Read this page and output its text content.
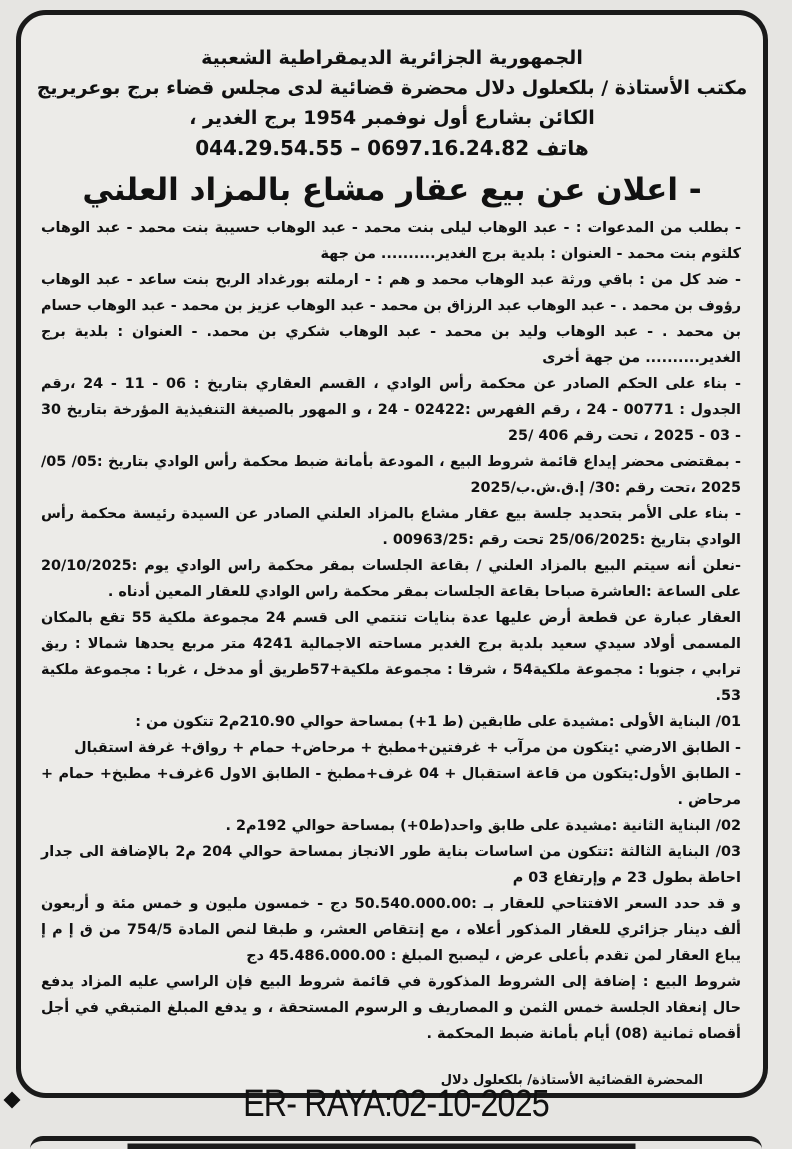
الجمهورية الجزائرية الديمقراطية الشعبية
مكتب الأستاذة / بلكعلول دلال محضرة قضائية لدى مجلس قضاء برج بوعريريج
الكائن بشارع أول نوفمبر 1954 برج الغدير ،
هاتف 0697.16.24.82 – 044.29.54.55
- اعلان عن بيع عقار مشاع بالمزاد العلني

- بطلب من المدعوات : - عبد الوهاب ليلى بنت محمد - عبد الوهاب حسيبة بنت محمد - عبد الوهاب كلثوم بنت محمد - العنوان : بلدية برج الغدير.......... من جهة

- ضد كل من : باقي ورثة عبد الوهاب محمد و هم : - ارملته بورغداد الربح بنت ساعد - عبد الوهاب رؤوف بن محمد . - عبد الوهاب عبد الرزاق بن محمد - عبد الوهاب عزيز بن محمد - عبد الوهاب حسام بن محمد . - عبد الوهاب وليد بن محمد - عبد الوهاب شكري بن محمد. - العنوان : بلدية برج الغدير.......... من جهة أخرى

- بناء على الحكم الصادر عن محكمة رأس الوادي ، القسم العقاري بتاريخ : 06 - 11 - 24 ،رقم الجدول : 00771 - 24 ، رقم الفهرس :02422 - 24 ، و المهور بالصيغة التنفيذية المؤرخة بتاريخ 30 - 03 - 2025 ، تحت رقم 406 /25

- بمقتضى محضر إيداع قائمة شروط البيع ، المودعة بأمانة ضبط محكمة رأس الوادي بتاريخ :05/ 05/ 2025 ،تحت رقم :30/ إ.ق.ش.ب/2025

- بناء على الأمر بتحديد جلسة بيع عقار مشاع بالمزاد العلني الصادر عن السيدة رئيسة محكمة رأس الوادي بتاريخ :25/06/2025 تحت رقم :00963/25 .

-نعلن أنه سيتم البيع بالمزاد العلني / بقاعة الجلسات بمقر محكمة راس الوادي يوم :20/10/2025 على الساعة :العاشرة صباحا بقاعة الجلسات بمقر محكمة راس الوادي للعقار المعين أدناه .

العقار عبارة عن قطعة أرض عليها عدة بنايات تنتمي الى قسم 24 مجموعة ملكية 55 تقع بالمكان المسمى أولاد سيدي سعيد بلدية برج الغدير مساحته الاجمالية 4241 متر مربع يحدها شمالا : ريق ترابي ، جنوبا : مجموعة ملكية54 ، شرقا : مجموعة ملكية+57طريق أو مدخل ، غربا : مجموعة ملكية 53.

01/ البناية الأولى :مشيدة على طابقين (ط 1+) بمساحة حوالي 210.90م2 تتكون من :

- الطابق الارضي :يتكون من مرآب + غرفتين+مطبخ + مرحاض+ حمام + رواق+ غرفة استقبال

- الطابق الأول:يتكون من قاعة استقبال + 04 غرف+مطبخ - الطابق الاول 6غرف+ مطبخ+ حمام + مرحاض .

02/ البناية الثانية :مشيدة على طابق واحد(ط0+) بمساحة حوالي 192م2 .

03/ البناية الثالثة :تتكون من اساسات بناية طور الانجاز بمساحة حوالي 204 م2 بالإضافة الى جدار احاطة بطول 23 م وإرتفاع 03 م

و قد حدد السعر الافتتاحي للعقار بـ :50.540.000.00 دج - خمسون مليون و خمس مئة و أربعون ألف دينار جزائري للعقار المذكور أعلاه ، مع إنتقاص العشر، و طبقا لنص المادة 754/5 من ق إ م إ يباع العقار لمن تقدم بأعلى عرض ، ليصبح المبلغ : 45.486.000.00 دج

شروط البيع : إضافة إلى الشروط المذكورة في قائمة شروط البيع فإن الراسي عليه المزاد يدفع حال إنعقاد الجلسة خمس الثمن و المصاريف و الرسوم المستحقة ، و يدفع المبلغ المتبقي في أجل أقصاه ثمانية (08) أيام بأمانة ضبط المحكمة .

المحضرة القضائية الأستاذة/ بلكعلول دلال
ER- RAYA:02-10-2025
